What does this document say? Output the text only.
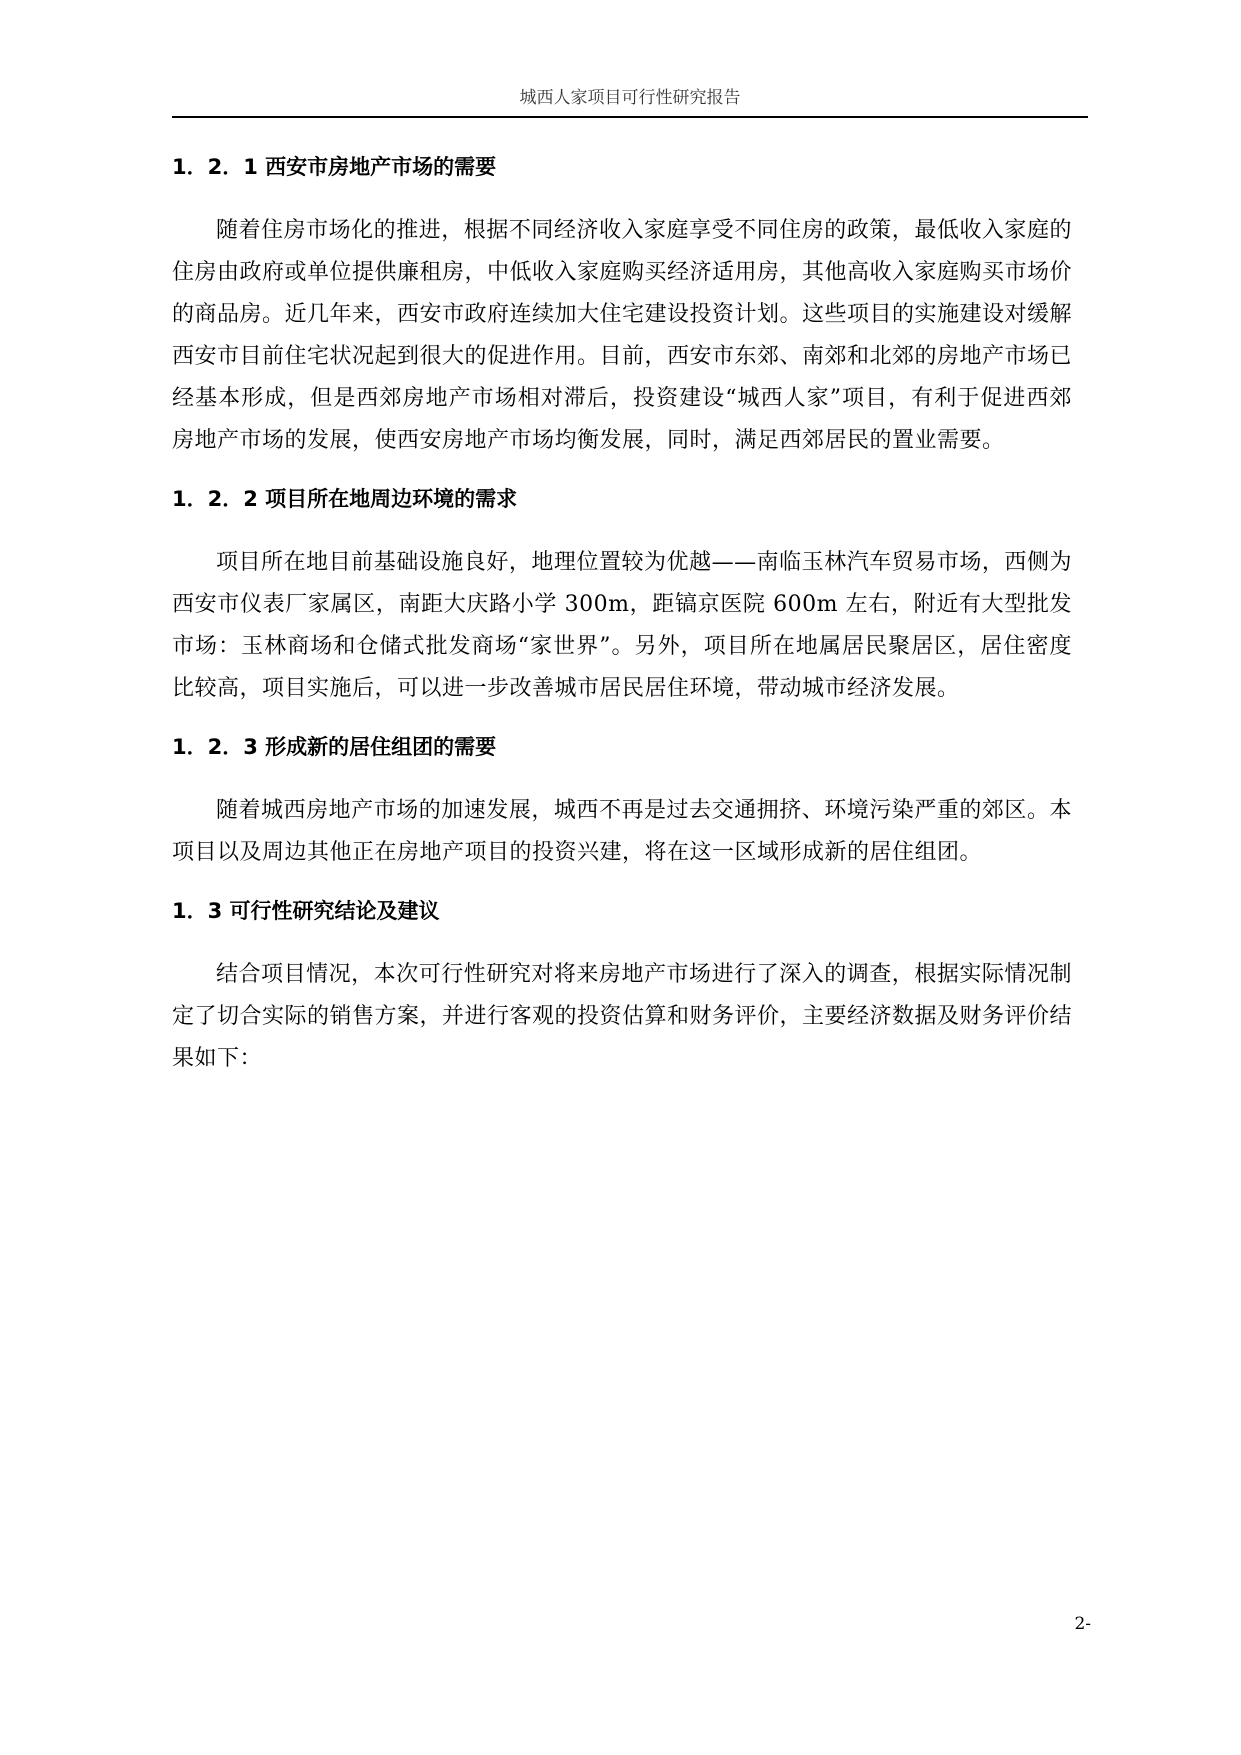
城西人家项目可行性研究报告
1．2．1 西安市房地产市场的需要

随着住房市场化的推进，根据不同经济收入家庭享受不同住房的政策，最低收入家庭的住房由政府或单位提供廉租房，中低收入家庭购买经济适用房，其他高收入家庭购买市场价的商品房。近几年来，西安市政府连续加大住宅建设投资计划。这些项目的实施建设对缓解西安市目前住宅状况起到很大的促进作用。目前，西安市东郊、南郊和北郊的房地产市场已经基本形成，但是西郊房地产市场相对滞后，投资建设“城西人家”项目，有利于促进西郊房地产市场的发展，使西安房地产市场均衡发展，同时，满足西郊居民的置业需要。

1．2．2 项目所在地周边环境的需求

项目所在地目前基础设施良好，地理位置较为优越——南临玉林汽车贸易市场，西侧为西安市仪表厂家属区，南距大庆路小学 300m，距镐京医院 600m 左右，附近有大型批发市场：玉林商场和仓储式批发商场“家世界”。另外，项目所在地属居民聚居区，居住密度比较高，项目实施后，可以进一步改善城市居民居住环境，带动城市经济发展。

1．2．3 形成新的居住组团的需要

随着城西房地产市场的加速发展，城西不再是过去交通拥挤、环境污染严重的郊区。本项目以及周边其他正在房地产项目的投资兴建，将在这一区域形成新的居住组团。

1．3 可行性研究结论及建议

结合项目情况，本次可行性研究对将来房地产市场进行了深入的调查，根据实际情况制定了切合实际的销售方案，并进行客观的投资估算和财务评价，主要经济数据及财务评价结果如下：

2-
